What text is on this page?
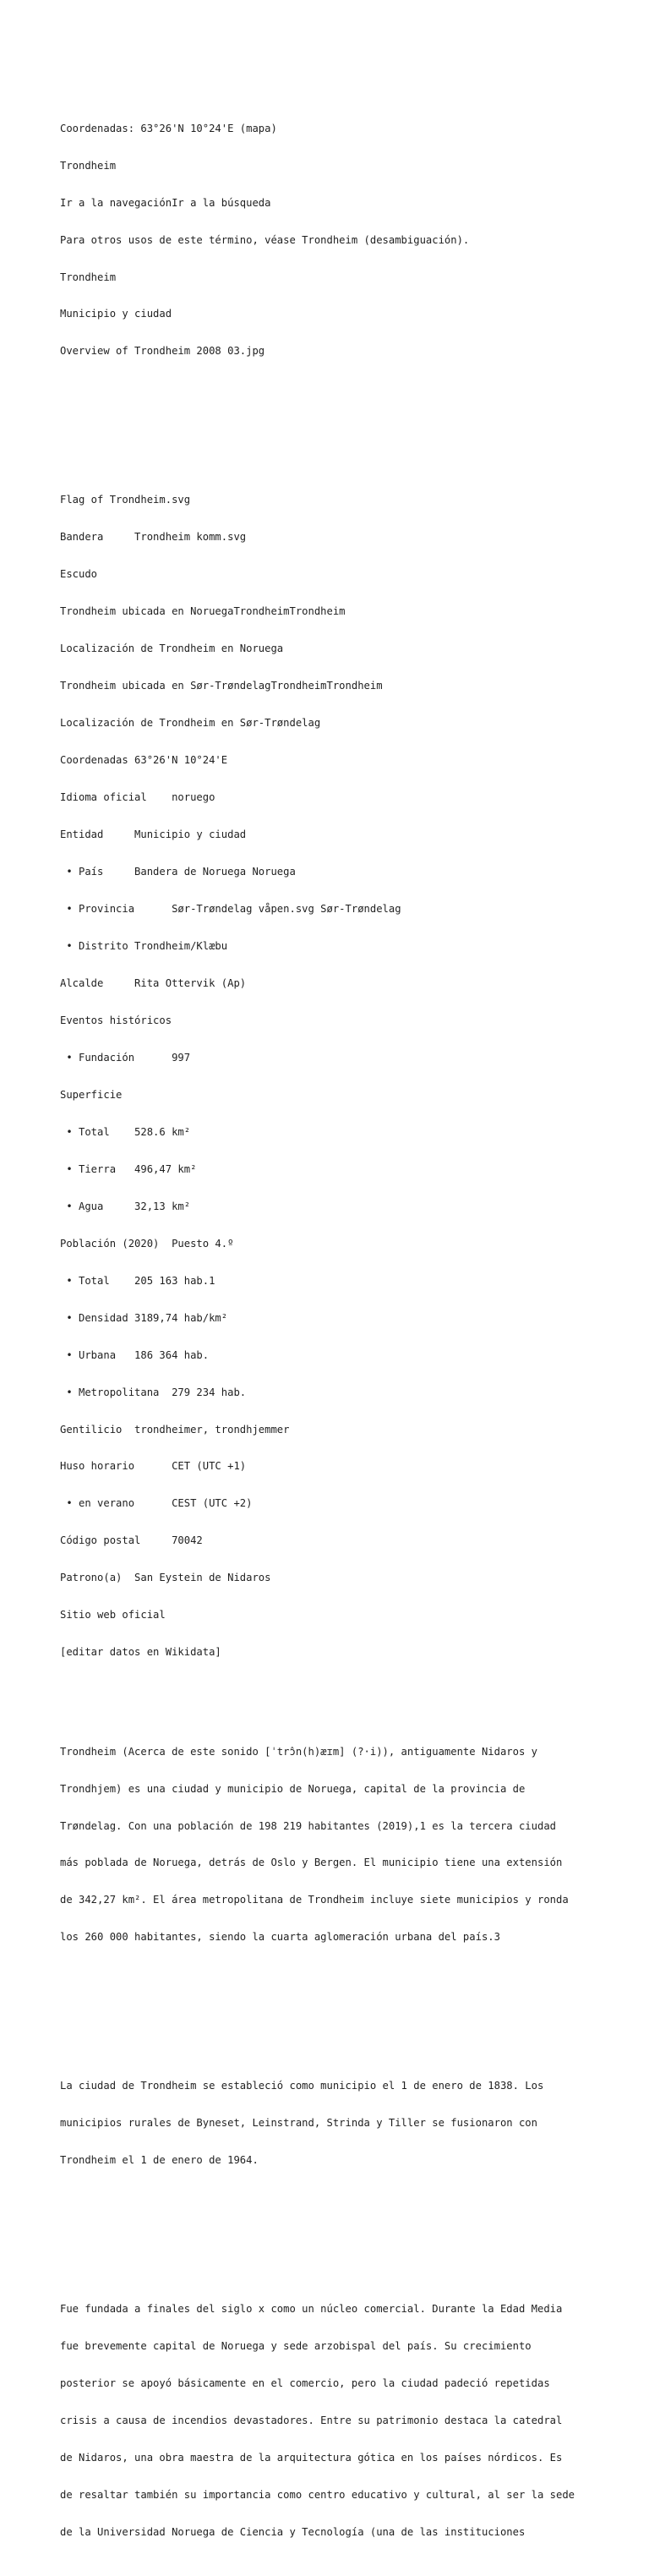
Coordenadas: 63°26'N 10°24'E (mapa)

Trondheim

Ir a la navegaciónIr a la búsqueda

Para otros usos de este término, véase Trondheim (desambiguación).

Trondheim

Municipio y ciudad

Overview of Trondheim 2008 03.jpg

Flag of Trondheim.svg

Bandera     Trondheim komm.svg

Escudo

Trondheim ubicada en NoruegaTrondheimTrondheim

Localización de Trondheim en Noruega

Trondheim ubicada en Sør-TrøndelagTrondheimTrondheim

Localización de Trondheim en Sør-Trøndelag

Coordenadas 63°26'N 10°24'E

Idioma oficial    noruego

Entidad     Municipio y ciudad

• País     Bandera de Noruega Noruega

• Provincia      Sør-Trøndelag våpen.svg Sør-Trøndelag

• Distrito Trondheim/Klæbu

Alcalde     Rita Ottervik (Ap)

Eventos históricos

• Fundación      997

Superficie

• Total    528.6 km²

• Tierra   496,47 km²

• Agua     32,13 km²

Población (2020)  Puesto 4.º

• Total    205 163 hab.1

• Densidad 3189,74 hab/km²

• Urbana   186 364 hab.

• Metropolitana  279 234 hab.

Gentilicio  trondheimer, trondhjemmer

Huso horario      CET (UTC +1)

• en verano      CEST (UTC +2)

Código postal     70042

Patrono(a)  San Eystein de Nidaros

Sitio web oficial

[editar datos en Wikidata]

Trondheim (Acerca de este sonido [ˈtrɔ̂n(h)æɪm] (?·i)), antiguamente Nidaros y

Trondhjem) es una ciudad y municipio de Noruega, capital de la provincia de

Trøndelag. Con una población de 198 219 habitantes (2019),1 es la tercera ciudad

más poblada de Noruega, detrás de Oslo y Bergen. El municipio tiene una extensión

de 342,27 km². El área metropolitana de Trondheim incluye siete municipios y ronda

los 260 000 habitantes, siendo la cuarta aglomeración urbana del país.3

La ciudad de Trondheim se estableció como municipio el 1 de enero de 1838. Los

municipios rurales de Byneset, Leinstrand, Strinda y Tiller se fusionaron con

Trondheim el 1 de enero de 1964.

Fue fundada a finales del siglo x como un núcleo comercial. Durante la Edad Media

fue brevemente capital de Noruega y sede arzobispal del país. Su crecimiento

posterior se apoyó básicamente en el comercio, pero la ciudad padeció repetidas

crisis a causa de incendios devastadores. Entre su patrimonio destaca la catedral

de Nidaros, una obra maestra de la arquitectura gótica en los países nórdicos. Es

de resaltar también su importancia como centro educativo y cultural, al ser la sede

de la Universidad Noruega de Ciencia y Tecnología (una de las instituciones
